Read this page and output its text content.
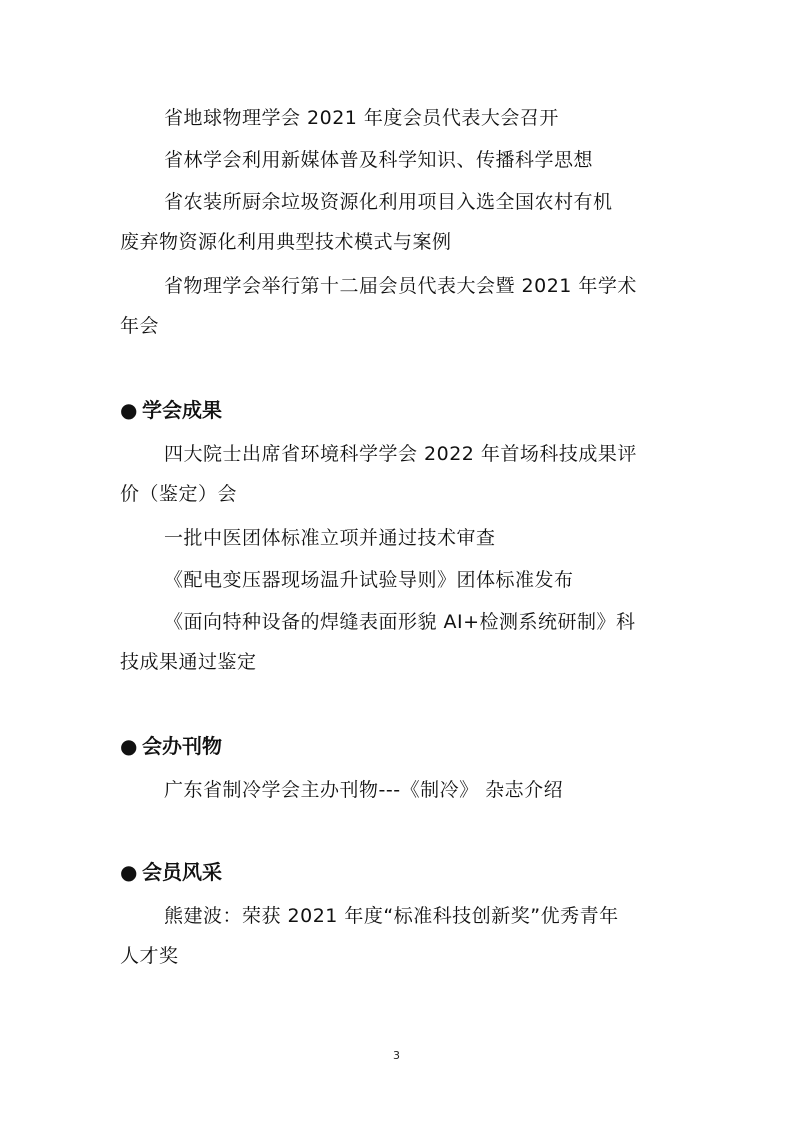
省地球物理学会 2021 年度会员代表大会召开

省林学会利用新媒体普及科学知识、传播科学思想

省农装所厨余垃圾资源化利用项目入选全国农村有机
废弃物资源化利用典型技术模式与案例

省物理学会举行第十二届会员代表大会暨 2021 年学术
年会

● 学会成果

四大院士出席省环境科学学会 2022 年首场科技成果评
价（鉴定）会

一批中医团体标准立项并通过技术审查

《配电变压器现场温升试验导则》团体标准发布

《面向特种设备的焊缝表面形貌 AI+检测系统研制》科
技成果通过鉴定

● 会办刊物

广东省制冷学会主办刊物---《制冷》 杂志介绍

● 会员风采

熊建波：荣获 2021 年度“标准科技创新奖”优秀青年
人才奖

3
